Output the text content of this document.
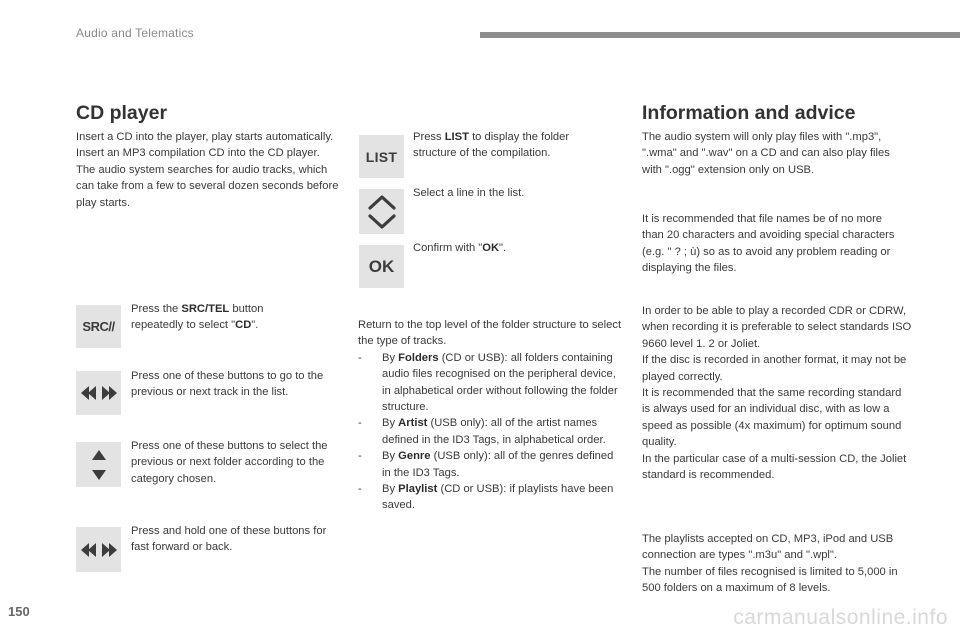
Audio and Telematics
CD player
Insert a CD into the player, play starts automatically.
Insert an MP3 compilation CD into the CD player.
The audio system searches for audio tracks, which can take from a few to several dozen seconds before play starts.
SRC//
Press the SRC/TEL button repeatedly to select "CD".
Press one of these buttons to go to the previous or next track in the list.
Press one of these buttons to select the previous or next folder according to the category chosen.
Press and hold one of these buttons for fast forward or back.
LIST
Press LIST to display the folder structure of the compilation.
Select a line in the list.
OK
Confirm with "OK".
Return to the top level of the folder structure to select the type of tracks.
- By Folders (CD or USB): all folders containing audio files recognised on the peripheral device, in alphabetical order without following the folder structure.
- By Artist (USB only): all of the artist names defined in the ID3 Tags, in alphabetical order.
- By Genre (USB only): all of the genres defined in the ID3 Tags.
- By Playlist (CD or USB): if playlists have been saved.
Information and advice
The audio system will only play files with ".mp3", ".wma" and ".wav" on a CD and can also play files with ".ogg" extension only on USB.
It is recommended that file names be of no more than 20 characters and avoiding special characters (e.g. " ? ; ù) so as to avoid any problem reading or displaying the files.
In order to be able to play a recorded CDR or CDRW, when recording it is preferable to select standards ISO 9660 level 1. 2 or Joliet.
If the disc is recorded in another format, it may not be played correctly.
It is recommended that the same recording standard is always used for an individual disc, with as low a speed as possible (4x maximum) for optimum sound quality.
In the particular case of a multi-session CD, the Joliet standard is recommended.
The playlists accepted on CD, MP3, iPod and USB connection are types ".m3u" and ".wpl".
The number of files recognised is limited to 5,000 in 500 folders on a maximum of 8 levels.
150	carmanualsonline.info
